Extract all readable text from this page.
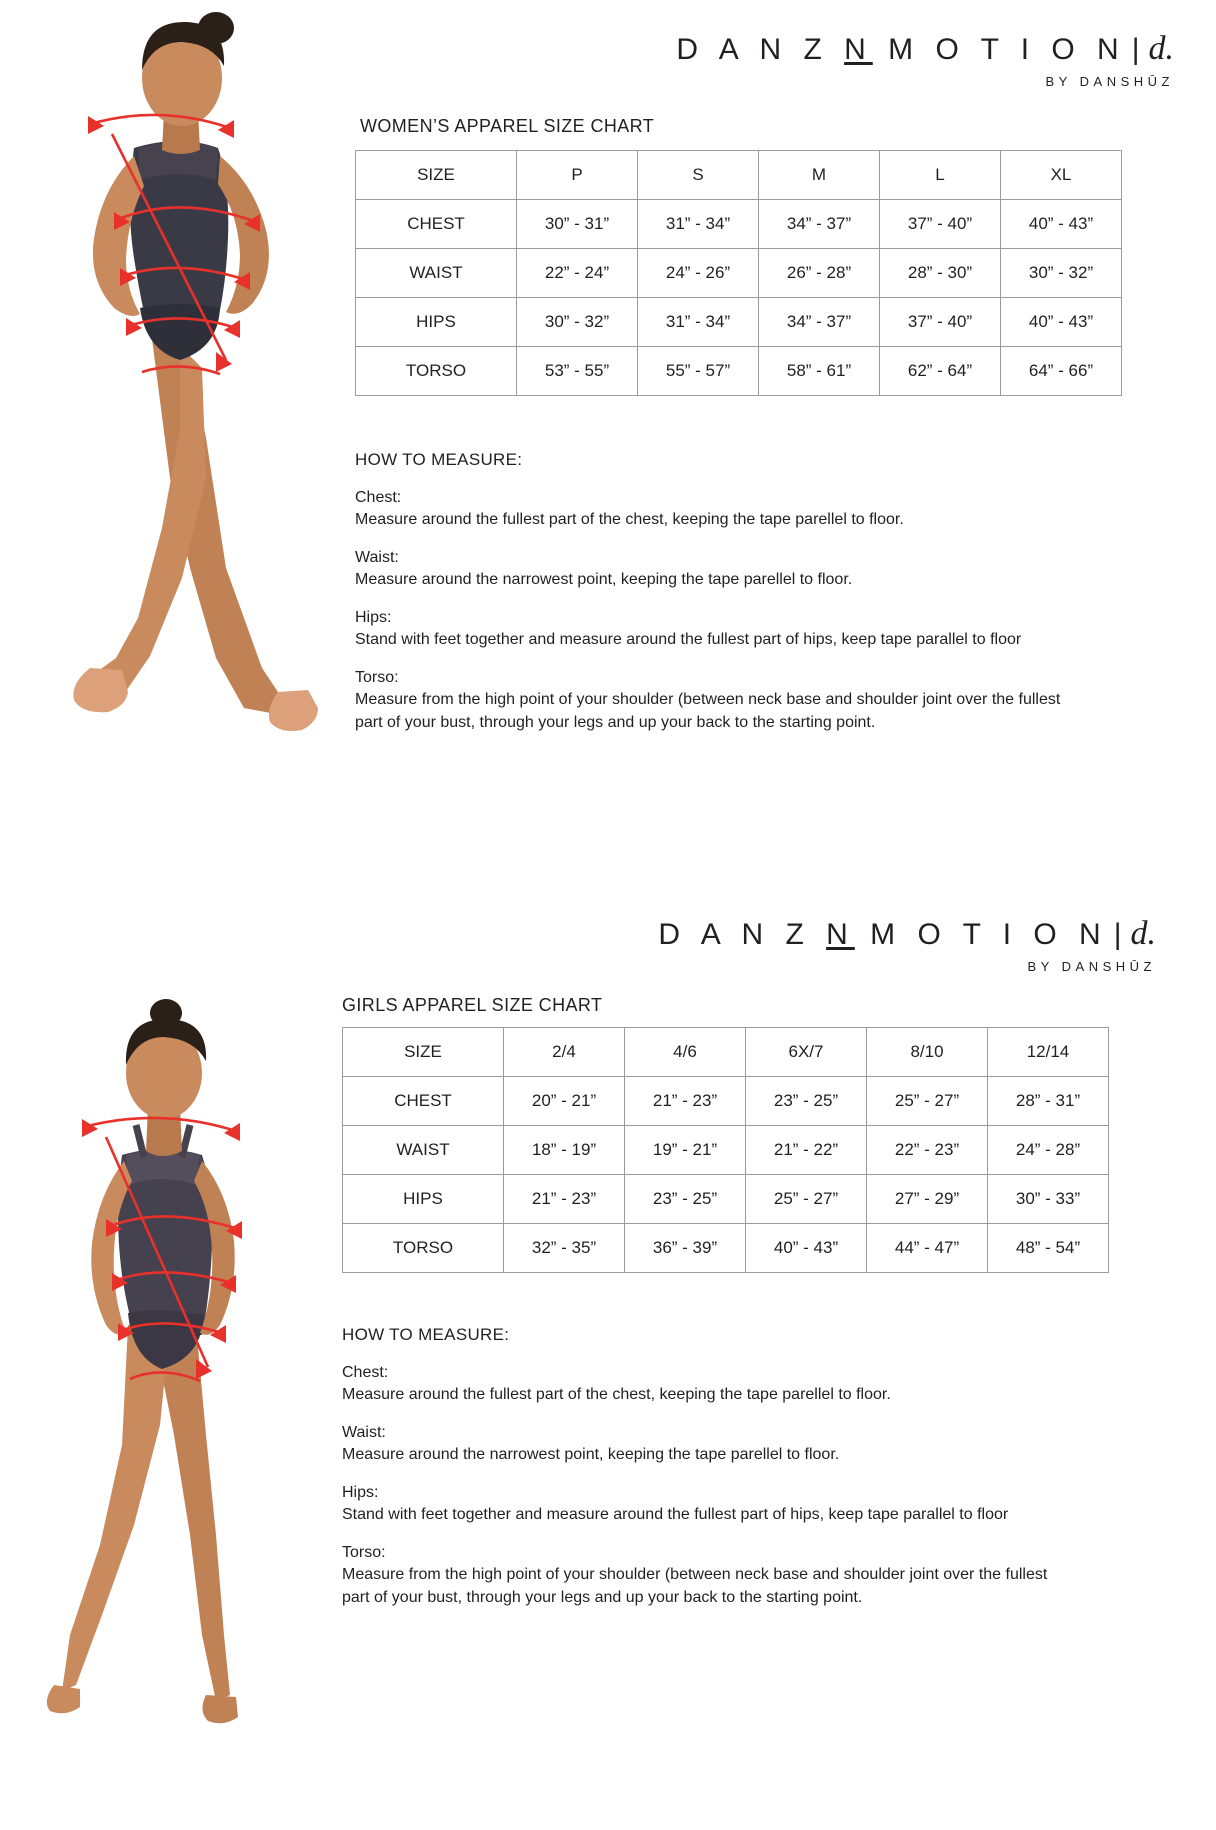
D A N Z N M O T I O N |d.
BY DANSHŪZ
WOMEN’S APPAREL SIZE CHART
SIZE	P	S	M	L	XL
CHEST	30” - 31”	31” - 34”	34” - 37”	37” - 40”	40” - 43”
WAIST	22” - 24”	24” - 26”	26” - 28”	28” - 30”	30” - 32”
HIPS	30” - 32”	31” - 34”	34” - 37”	37” - 40”	40” - 43”
TORSO	53” - 55”	55” - 57”	58” - 61”	62” - 64”	64” - 66”
HOW TO MEASURE:
Chest:
Measure around the fullest part of the chest, keeping the tape parellel to floor.
Waist:
Measure around the narrowest point, keeping the tape parellel to floor.
Hips:
Stand with feet together and measure around the fullest part of hips, keep tape parallel to floor
Torso:
Measure from the high point of your shoulder (between neck base and shoulder joint over the fullest part of your bust, through your legs and up your back to the starting point.
D A N Z N M O T I O N |d.
BY DANSHŪZ
GIRLS APPAREL SIZE CHART
SIZE	2/4	4/6	6X/7	8/10	12/14
CHEST	20” - 21”	21” - 23”	23” - 25”	25” - 27”	28” - 31”
WAIST	18” - 19”	19” - 21”	21” - 22”	22” - 23”	24” - 28”
HIPS	21” - 23”	23” - 25”	25” - 27”	27” - 29”	30” - 33”
TORSO	32” - 35”	36” - 39”	40” - 43”	44” - 47”	48” - 54”
HOW TO MEASURE:
Chest:
Measure around the fullest part of the chest, keeping the tape parellel to floor.
Waist:
Measure around the narrowest point, keeping the tape parellel to floor.
Hips:
Stand with feet together and measure around the fullest part of hips, keep tape parallel to floor
Torso:
Measure from the high point of your shoulder (between neck base and shoulder joint over the fullest part of your bust, through your legs and up your back to the starting point.
